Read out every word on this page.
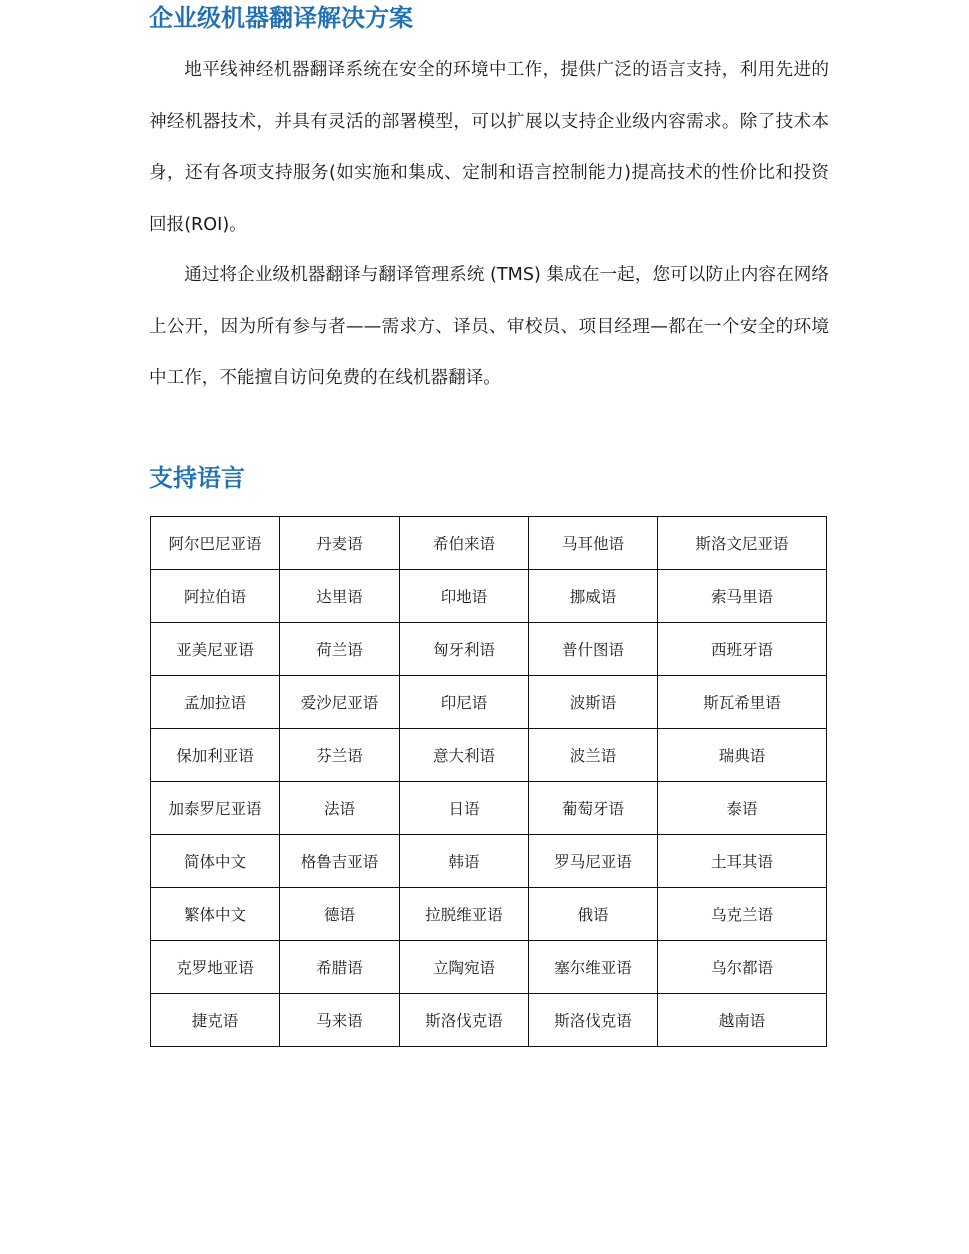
企业级机器翻译解决方案

地平线神经机器翻译系统在安全的环境中工作，提供广泛的语言支持，利用先进的神经机器技术，并具有灵活的部署模型，可以扩展以支持企业级内容需求。除了技术本身，还有各项支持服务(如实施和集成、定制和语言控制能力)提高技术的性价比和投资回报(ROI)。

通过将企业级机器翻译与翻译管理系统 (TMS) 集成在一起，您可以防止内容在网络上公开，因为所有参与者——需求方、译员、审校员、项目经理—都在一个安全的环境中工作，不能擅自访问免费的在线机器翻译。

支持语言
阿尔巴尼亚语	丹麦语	希伯来语	马耳他语	斯洛文尼亚语
阿拉伯语	达里语	印地语	挪威语	索马里语
亚美尼亚语	荷兰语	匈牙利语	普什图语	西班牙语
孟加拉语	爱沙尼亚语	印尼语	波斯语	斯瓦希里语
保加利亚语	芬兰语	意大利语	波兰语	瑞典语
加泰罗尼亚语	法语	日语	葡萄牙语	泰语
简体中文	格鲁吉亚语	韩语	罗马尼亚语	土耳其语
繁体中文	德语	拉脱维亚语	俄语	乌克兰语
克罗地亚语	希腊语	立陶宛语	塞尔维亚语	乌尔都语
捷克语	马来语	斯洛伐克语	斯洛伐克语	越南语
